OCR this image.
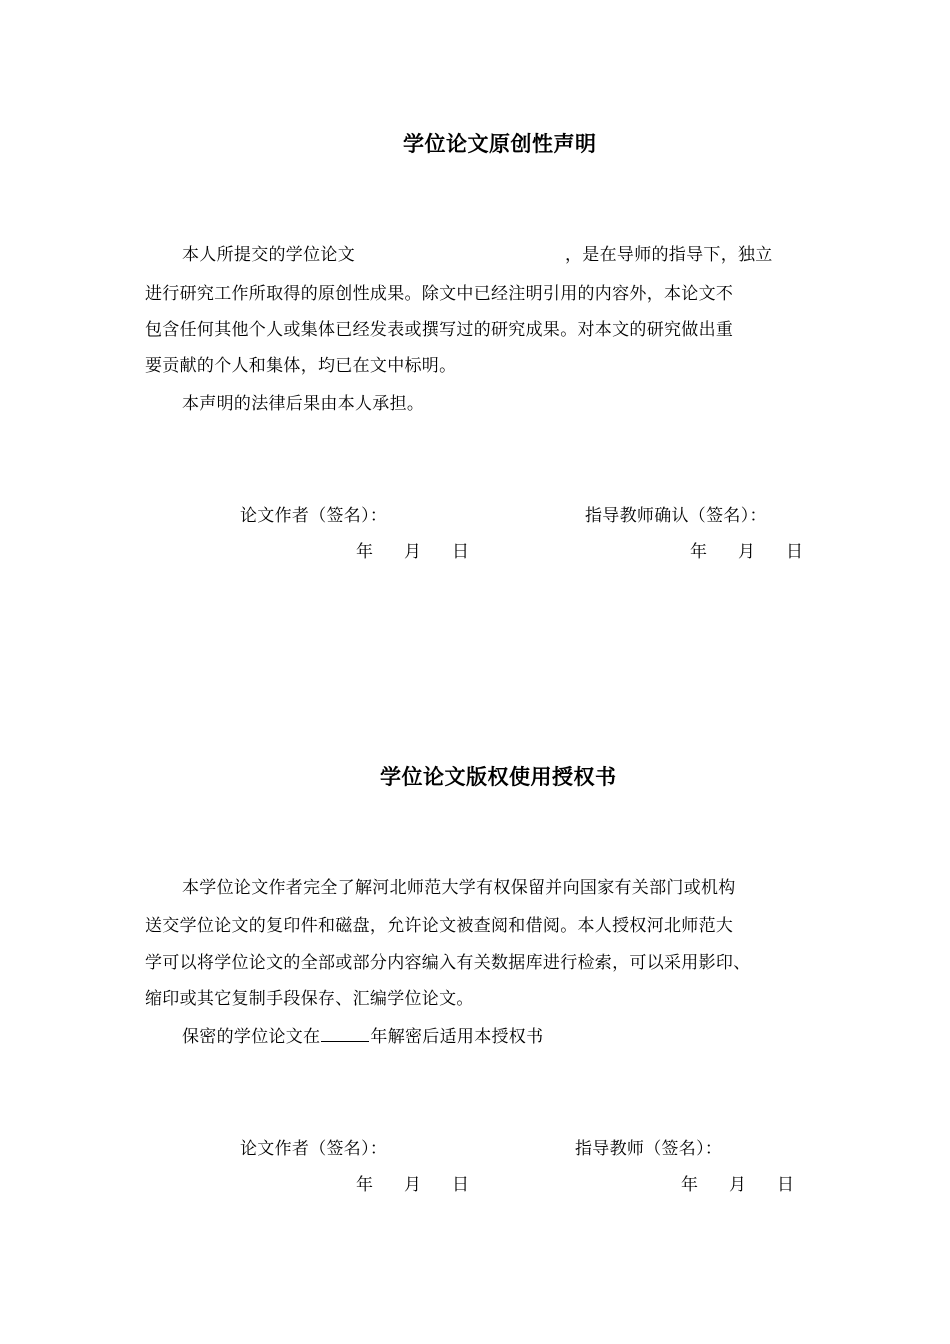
学位论文原创性声明
本人所提交的学位论文	，是在导师的指导下，独立
进行研究工作所取得的原创性成果。除文中已经注明引用的内容外，本论文不
包含任何其他个人或集体已经发表或撰写过的研究成果。对本文的研究做出重
要贡献的个人和集体，均已在文中标明。
本声明的法律后果由本人承担。
论文作者（签名）：	指导教师确认（签名）：
年 月 日	年 月 日
学位论文版权使用授权书
本学位论文作者完全了解河北师范大学有权保留并向国家有关部门或机构
送交学位论文的复印件和磁盘，允许论文被查阅和借阅。本人授权河北师范大
学可以将学位论文的全部或部分内容编入有关数据库进行检索，可以采用影印、
缩印或其它复制手段保存、汇编学位论文。
保密的学位论文在	年解密后适用本授权书
论文作者（签名）：	指导教师（签名）：
年 月 日	年 月 日
